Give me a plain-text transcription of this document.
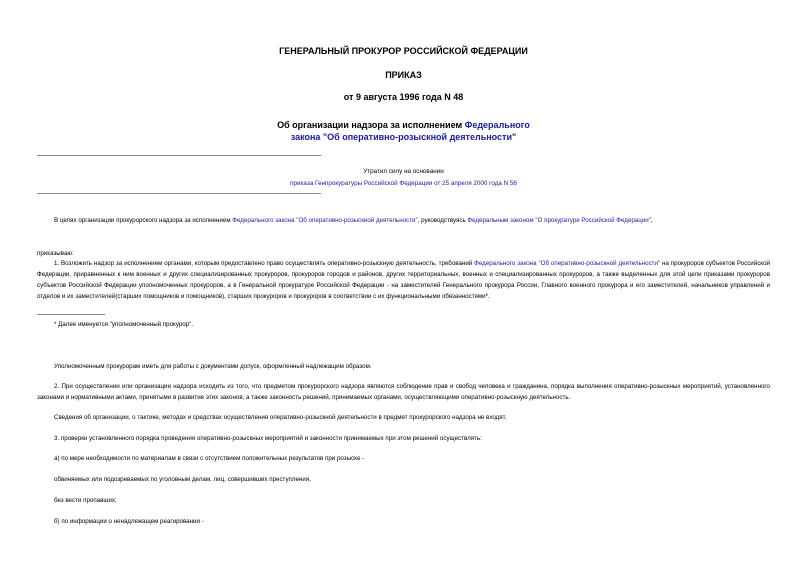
ГЕНЕРАЛЬНЫЙ ПРОКУРОР РОССИЙСКОЙ ФЕДЕРАЦИИ
ПРИКАЗ
от 9 августа 1996 года N 48
Об организации надзора за исполнением Федерального
закона "Об оперативно-розыскной деятельности"
Утратил силу на основании
приказа Генпрокуратуры Российской Федерации от 25 апреля 2000 года N 56
В целях организации прокурорского надзора за исполнением Федерального закона "Об оперативно-розыскной деятельности", руководствуясь Федеральным законом "О прокуратуре Российской Федерации",
приказываю:
1. Возложить надзор за исполнением органами, которым предоставлено право осуществлять оперативно-розыскную деятельность, требований Федерального закона "Об оперативно-розыскной деятельности" на прокуроров субъектов Российской Федерации, приравненных к ним военных и других специализированных прокуроров, прокуроров городов и районов, других территориальных, военных и специализированных прокуроров, а также выделенных для этой цели приказами прокуроров субъектов Российской Федерации уполномоченных прокуроров, а в Генеральной прокуратуре Российской Федерации - на заместителей Генерального прокурора России, Главного военного прокурора и его заместителей, начальников управлений и отделов и их заместителей(старших помощников и помощников), старших прокуроров и прокуроров в соответствии с их функциональными обязанностями*.
* Далее именуется "уполномоченный прокурор".
Уполномоченным прокурорам иметь для работы с документами допуск, оформленный надлежащим образом.
2. При осуществлении или организации надзора исходить из того, что предметом прокурорского надзора являются соблюдение прав и свобод человека и гражданина, порядка выполнения оперативно-розыскных мероприятий, установленного законами и нормативными актами, принятыми в развитие этих законов, а также законность решений, принимаемых органами, осуществляющими оперативно-розыскную деятельность.
Сведения об организации, о тактике, методах и средствах осуществления оперативно-розыскной деятельности в предмет прокурорского надзора не входят.
3. проверки установленного порядка проведения оперативно-розыскных мероприятий и законности принимаемых при этом решений осуществлять:
а) по мере необходимости по материалам в связи с отсутствием положительных результатов при розыске -
обвиняемых или подозреваемых по уголовным делам, лиц, совершивших преступления,
без вести пропавших;
б) по информации о ненадлежащем реагировании -
